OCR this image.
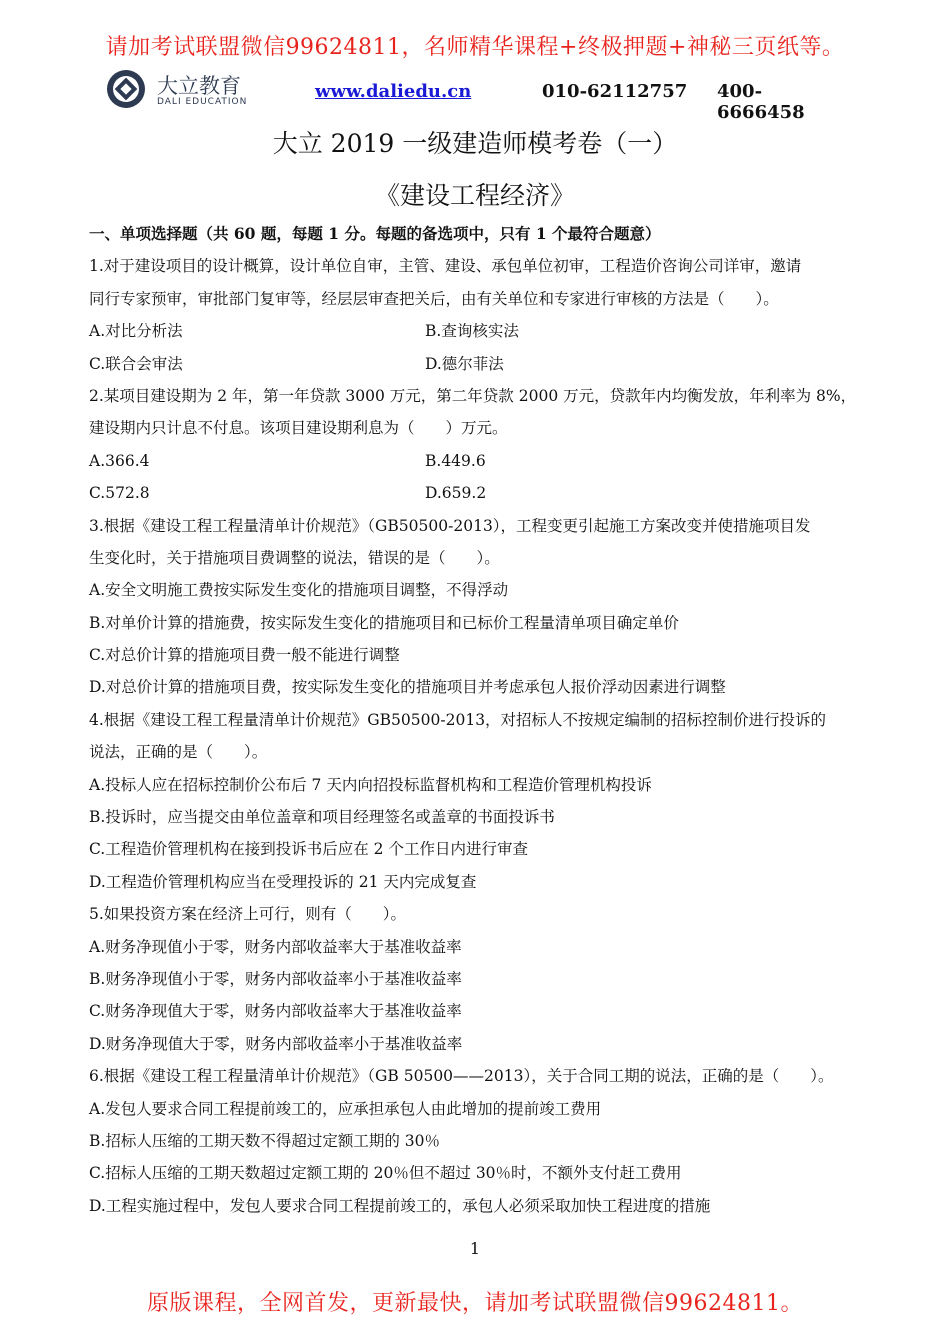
请加考试联盟微信99624811，名师精华课程+终极押题+神秘三页纸等。
大立教育
DALI EDUCATION	www.daliedu.cn	010-62112757 400-6666458
大立 2019 一级建造师模考卷（一）
《建设工程经济》
一、单项选择题（共 60 题，每题 1 分。每题的备选项中，只有 1 个最符合题意）
1.对于建设项目的设计概算，设计单位自审，主管、建设、承包单位初审，工程造价咨询公司详审，邀请
同行专家预审，审批部门复审等，经层层审查把关后，由有关单位和专家进行审核的方法是（　　）。
A.对比分析法	B.查询核实法
C.联合会审法	D.德尔菲法
2.某项目建设期为 2 年，第一年贷款 3000 万元，第二年贷款 2000 万元，贷款年内均衡发放，年利率为 8%，
建设期内只计息不付息。该项目建设期利息为（　　）万元。
A.366.4	B.449.6
C.572.8	D.659.2
3.根据《建设工程工程量清单计价规范》（GB50500-2013），工程变更引起施工方案改变并使措施项目发
生变化时，关于措施项目费调整的说法，错误的是（　　）。
A.安全文明施工费按实际发生变化的措施项目调整，不得浮动
B.对单价计算的措施费，按实际发生变化的措施项目和已标价工程量清单项目确定单价
C.对总价计算的措施项目费一般不能进行调整
D.对总价计算的措施项目费，按实际发生变化的措施项目并考虑承包人报价浮动因素进行调整
4.根据《建设工程工程量清单计价规范》GB50500-2013，对招标人不按规定编制的招标控制价进行投诉的
说法，正确的是（　　）。
A.投标人应在招标控制价公布后 7 天内向招投标监督机构和工程造价管理机构投诉
B.投诉时，应当提交由单位盖章和项目经理签名或盖章的书面投诉书
C.工程造价管理机构在接到投诉书后应在 2 个工作日内进行审查
D.工程造价管理机构应当在受理投诉的 21 天内完成复查
5.如果投资方案在经济上可行，则有（　　）。
A.财务净现值小于零，财务内部收益率大于基准收益率
B.财务净现值小于零，财务内部收益率小于基准收益率
C.财务净现值大于零，财务内部收益率大于基准收益率
D.财务净现值大于零，财务内部收益率小于基准收益率
6.根据《建设工程工程量清单计价规范》（GB 50500——2013），关于合同工期的说法，正确的是（　　）。
A.发包人要求合同工程提前竣工的，应承担承包人由此增加的提前竣工费用
B.招标人压缩的工期天数不得超过定额工期的 30％
C.招标人压缩的工期天数超过定额工期的 20％但不超过 30％时，不额外支付赶工费用
D.工程实施过程中，发包人要求合同工程提前竣工的，承包人必须采取加快工程进度的措施
1
原版课程，全网首发，更新最快，请加考试联盟微信99624811。
